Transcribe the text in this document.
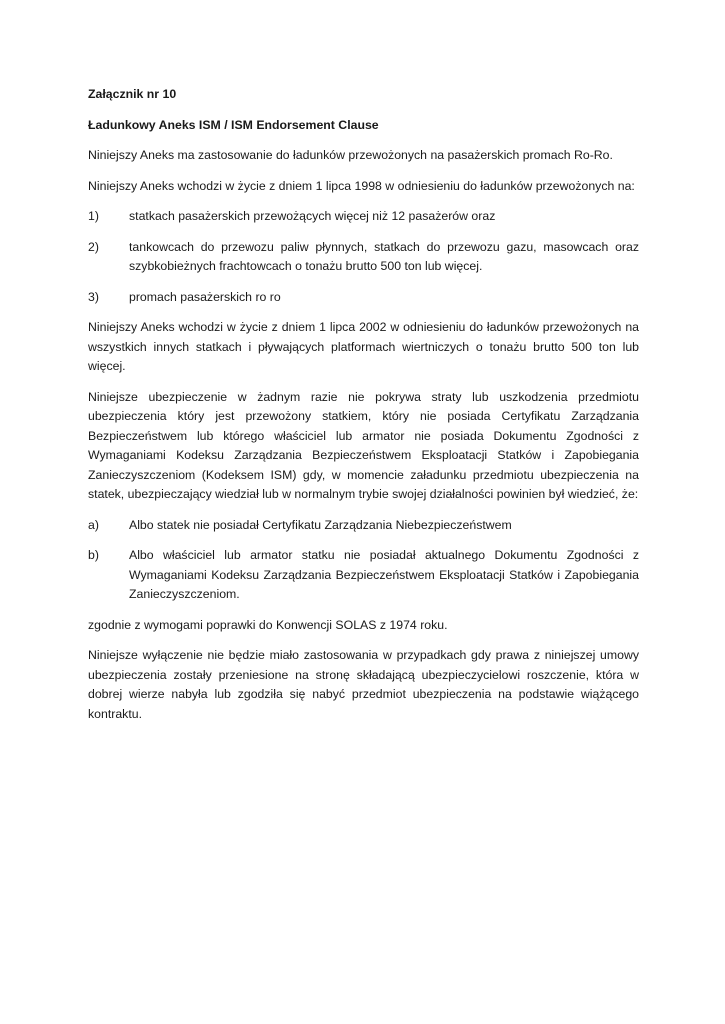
Załącznik nr 10
Ładunkowy Aneks ISM / ISM Endorsement Clause
Niniejszy Aneks ma zastosowanie do ładunków przewożonych na pasażerskich promach Ro-Ro.
Niniejszy Aneks wchodzi w życie z dniem 1 lipca 1998 w odniesieniu do ładunków przewożonych na:
1)	statkach pasażerskich przewożących więcej niż 12 pasażerów oraz
2)	tankowcach do przewozu paliw płynnych, statkach do przewozu gazu, masowcach oraz szybkobieżnych frachtowcach o tonażu brutto 500 ton lub więcej.
3)	promach pasażerskich ro ro
Niniejszy Aneks wchodzi w życie z dniem 1 lipca 2002 w odniesieniu do ładunków przewożonych na wszystkich innych statkach i pływających platformach wiertniczych o tonażu brutto 500 ton lub więcej.
Niniejsze ubezpieczenie w żadnym razie nie pokrywa straty lub uszkodzenia przedmiotu ubezpieczenia który jest przewożony statkiem, który nie posiada Certyfikatu Zarządzania Bezpieczeństwem lub którego właściciel lub armator nie posiada Dokumentu Zgodności z Wymaganiami Kodeksu Zarządzania Bezpieczeństwem Eksploatacji Statków i Zapobiegania Zanieczyszczeniom (Kodeksem ISM) gdy, w momencie załadunku przedmiotu ubezpieczenia na statek, ubezpieczający wiedział lub w normalnym trybie swojej działalności powinien był wiedzieć, że:
a)	Albo statek nie posiadał Certyfikatu Zarządzania Niebezpieczeństwem
b)	Albo właściciel lub armator statku nie posiadał aktualnego Dokumentu Zgodności z Wymaganiami Kodeksu Zarządzania Bezpieczeństwem Eksploatacji Statków i Zapobiegania Zanieczyszczeniom.
zgodnie z wymogami poprawki do Konwencji SOLAS z 1974 roku.
Niniejsze wyłączenie nie będzie miało zastosowania w przypadkach gdy prawa z niniejszej umowy ubezpieczenia zostały przeniesione na stronę składającą ubezpieczycielowi roszczenie, która w dobrej wierze nabyła lub zgodziła się nabyć przedmiot ubezpieczenia na podstawie wiążącego kontraktu.
